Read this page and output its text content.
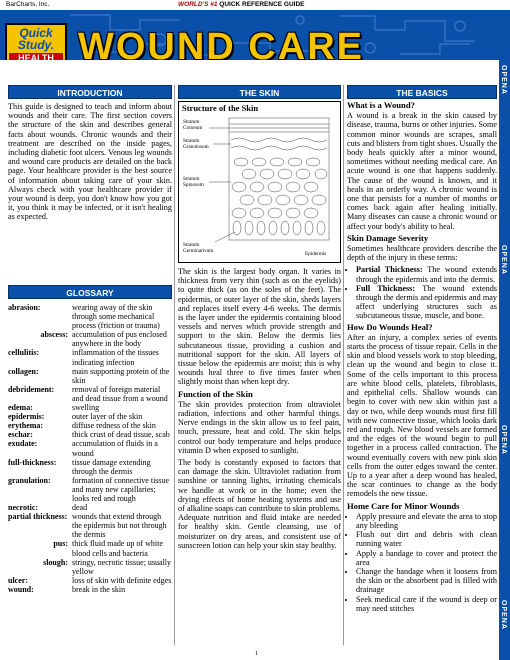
BarCharts, Inc.	WORLD'S #1 QUICK REFERENCE GUIDE
Quick
Study.
HEALTH WOUND CARE
OPENA
OPENA
OPENA
OPENA
INTRODUCTION

This guide is designed to teach and inform about wounds and their care. The first section covers the structure of the skin and describes general facts about wounds. Chronic wounds and their treatment are described on the inside pages, including diabetic foot ulcers. Venous leg wounds and wound care products are detailed on the back page. Your healthcare provider is the best source of information about taking care of your skin. Always check with your healthcare provider if your wound is deep, you don't know how you got it, you think it may be infected, or it isn't healing as expected.

GLOSSARY
abrasion:	wearing away of the skin through some mechanical process (friction or trauma)
abscess:	accumulation of pus enclosed anywhere in the body
cellulitis:	inflammation of the tissues indicating infection
collagen:	main supporting protein of the skin
debridement:	removal of foreign material and dead tissue from a wound
edema:	swelling
epidermis:	outer layer of the skin
erythema:	diffuse redness of the skin
eschar:	thick crust of dead tissue, scab
exudate:	accumulation of fluids in a wound
full-thickness:	tissue damage extending through the dermis
granulation:	formation of connective tissue and many new capillaries; looks red and rough
necrotic:	dead
partial thickness:	wounds that extend through the epidermis but not through the dermis
pus:	thick fluid made up of white blood cells and bacteria
slough:	stringy, necrotic tissue; usually yellow
ulcer:	loss of skin with definite edges
wound:	break in the skin
THE SKIN
Structure of the Skin
Stratum Corneum
Stratum Granulosum
Stratum Spinosum
Stratum Germinativum	Epidermis

The skin is the largest body organ. It varies in thickness from very thin (such as on the eyelids) to quite thick (as on the soles of the feet). The epidermis, or outer layer of the skin, sheds layers and replaces itself every 4-6 weeks. The dermis is the layer under the epidermis containing blood vessels and nerves which provide strength and support to the skin. Below the dermis lies subcutaneous tissue, providing a cushion and nutritional support for the skin. All layers of tissue below the epidermis are moist; this is why wounds heal three to five times faster when slightly moist than when kept dry.

Function of the Skin

The skin provides protection from ultraviolet radiation, infections and other harmful things. Nerve endings in the skin allow us to feel pain, touch, pressure, heat and cold. The skin helps control our body temperature and helps produce vitamin D when exposed to sunlight.

The body is constantly exposed to factors that can damage the skin. Ultraviolet radiation from sunshine or tanning lights, irritating chemicals we handle at work or in the home; even the drying effects of home heating systems and use of alkaline soaps can contribute to skin problems. Adequate nutrition and fluid intake are needed for healthy skin. Gentle cleansing, use of moisturizer on dry areas, and consistent use of sunscreen lotion can help your skin stay healthy.

THE BASICS
What is a Wound?

A wound is a break in the skin caused by disease, trauma, burns or other injuries. Some common minor wounds are scrapes, small cuts and blisters from tight shoes. Usually the body heals quickly after a minor wound, sometimes without needing medical care. An acute wound is one that happens suddenly. The cause of the wound is known, and it heals in an orderly way. A chronic wound is one that persists for a number of months or comes back again after healing initially. Many diseases can cause a chronic wound or affect your body's ability to heal.

Skin Damage Severity

Sometimes healthcare providers describe the depth of the injury in these terms:

• Partial Thickness: The wound extends through the epidermis and into the dermis.
• Full Thickness: The wound extends through the dermis and epidermis and may affect underlying structures such as subcutaneous tissue, muscle, and bone.
How Do Wounds Heal?

After an injury, a complex series of events starts the process of tissue repair. Cells in the skin and blood vessels work to stop bleeding, clean up the wound and begin to close it. Some of the cells important to this process are white blood cells, platelets, fibroblasts, and epithelial cells. Shallow wounds can begin to cover with new skin within just a day or two, while deep wounds must first fill with new connective tissue, which looks dark red and rough. New blood vessels are formed and the edges of the wound begin to pull together in a process called contraction. The wound eventually covers with new pink skin cells from the outer edges toward the center. Up to a year after a deep wound has healed, the scar continues to change as the body remodels the new tissue.

Home Care for Minor Wounds
• Apply pressure and elevate the area to stop any bleeding
• Flush out dirt and debris with clean running water
• Apply a bandage to cover and protect the area
• Change the bandage when it loosens from the skin or the absorbent pad is filled with drainage
• Seek medical care if the wound is deep or may need stitches
1
